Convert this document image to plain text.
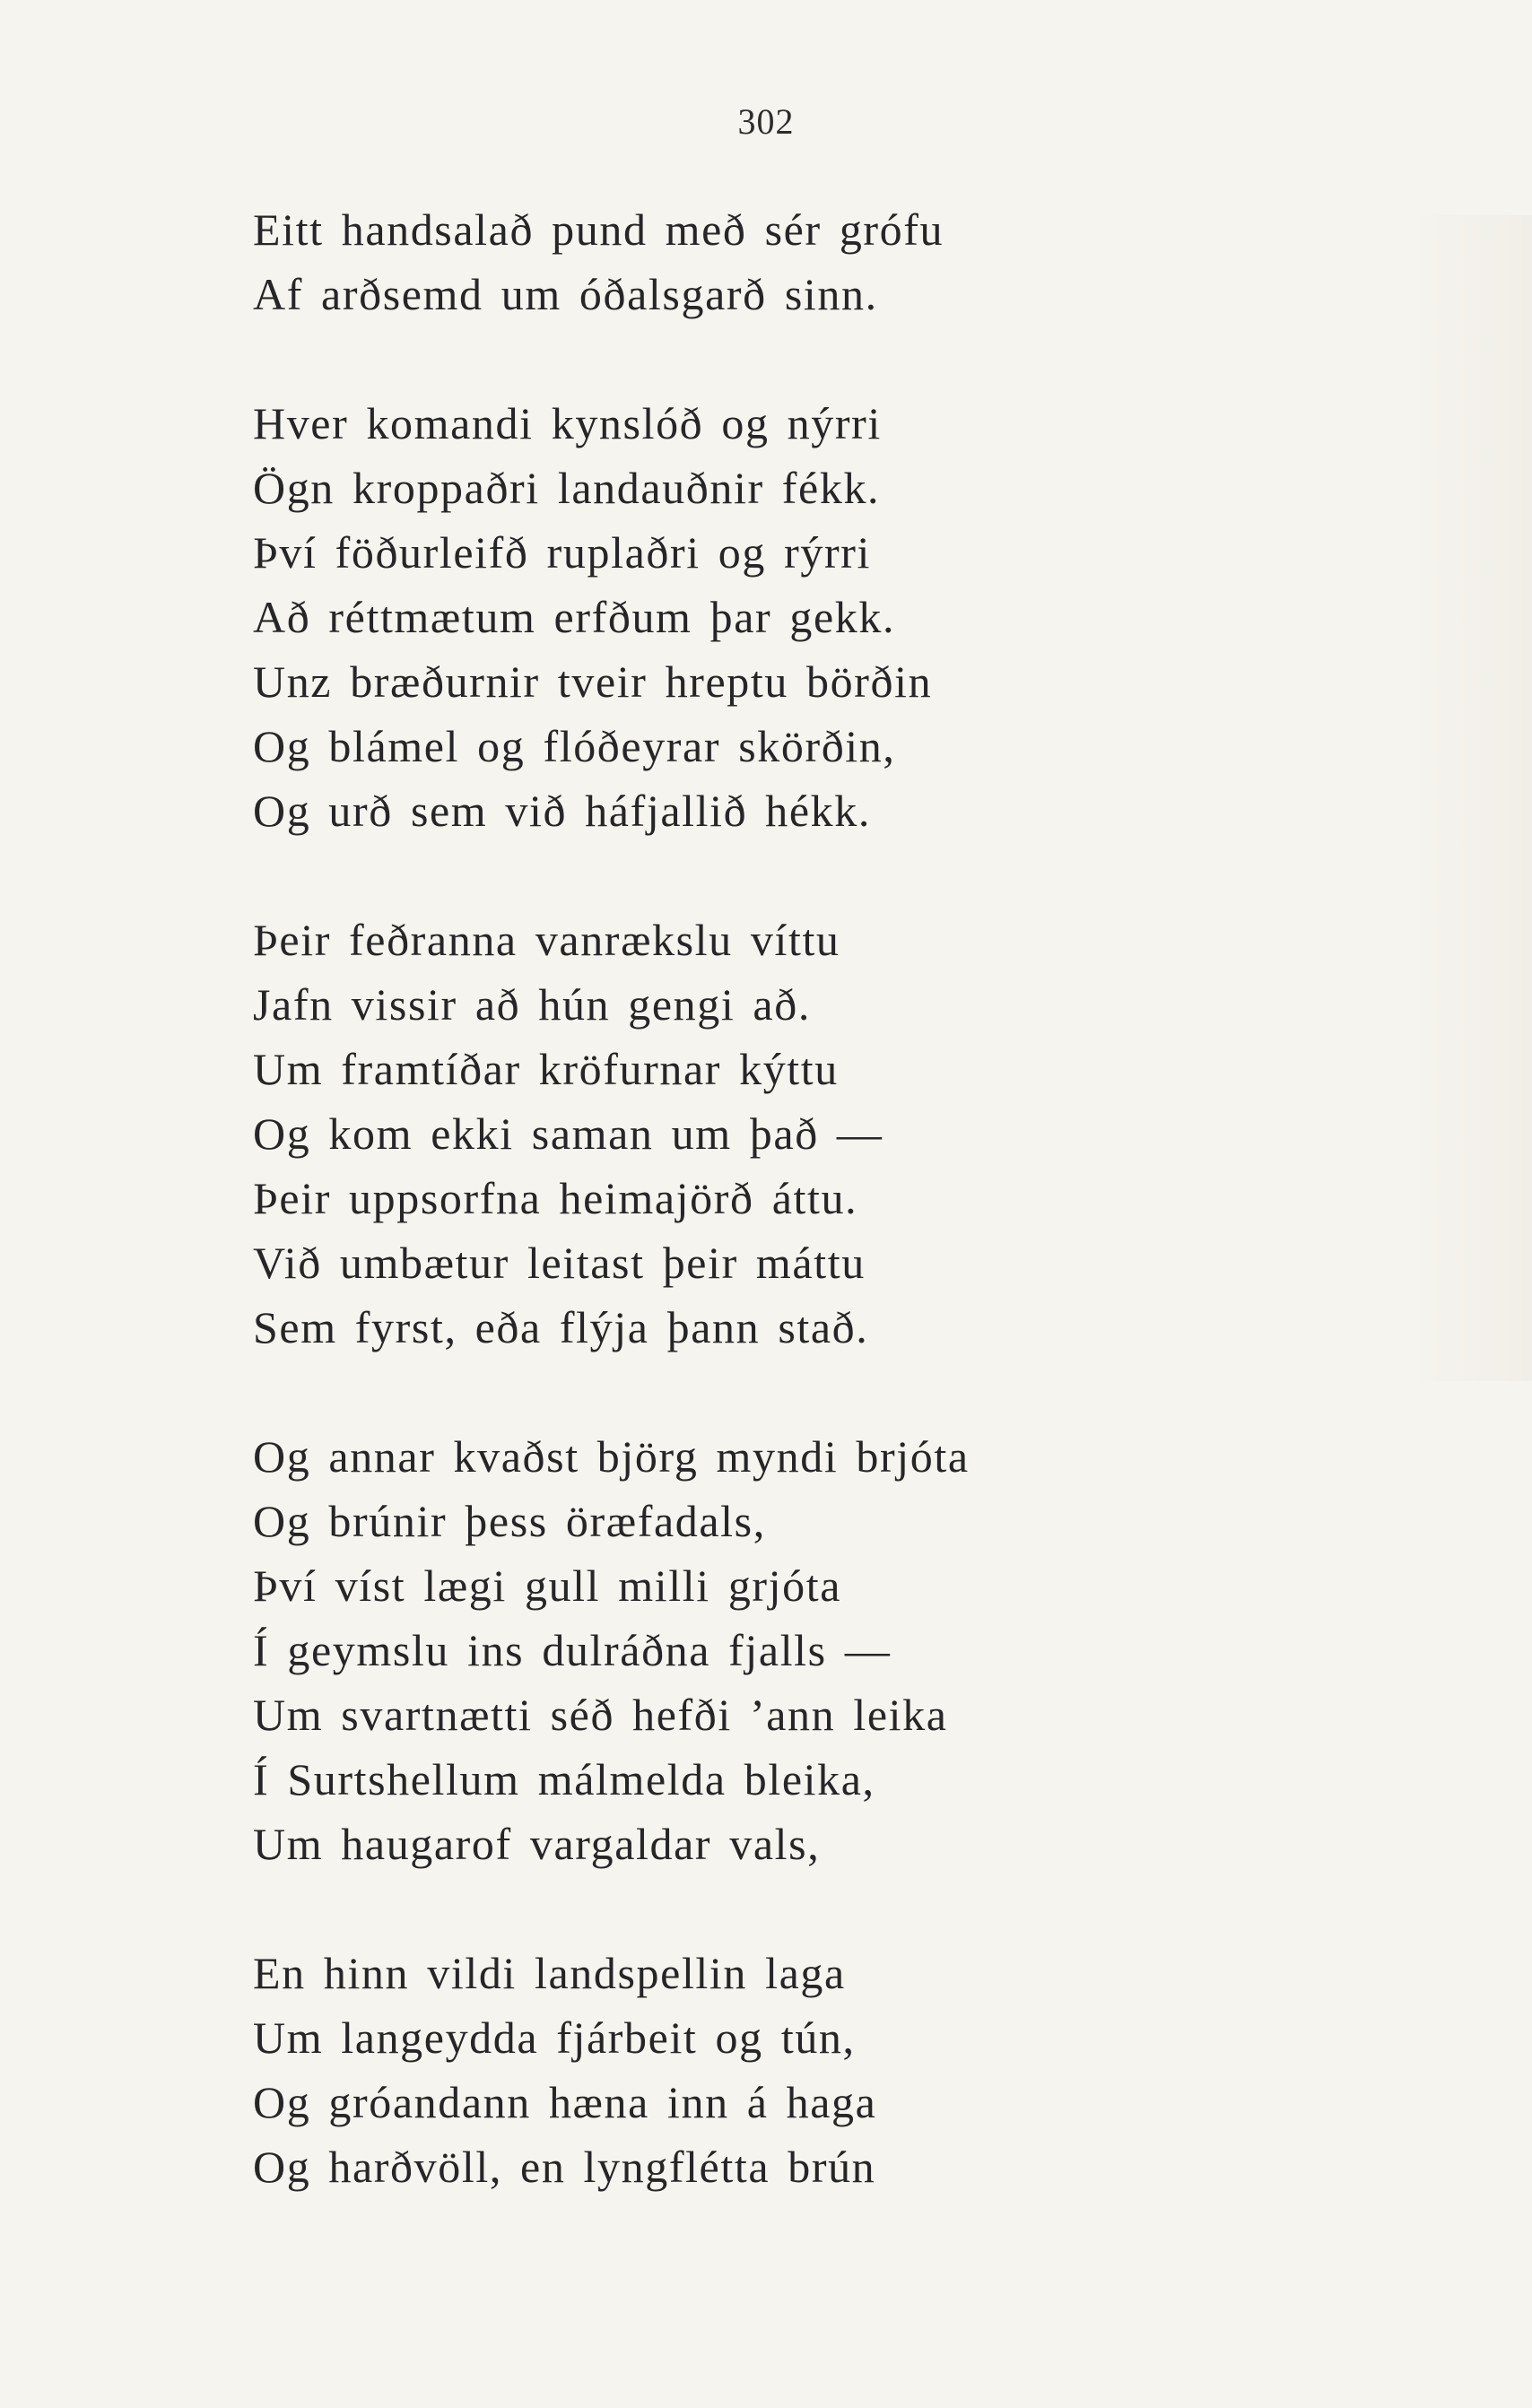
302
Eitt handsalað pund með sér grófu
Af arðsemd um óðalsgarð sinn.
Hver komandi kynslóð og nýrri
Ögn kroppaðri landauðnir fékk.
Því föðurleifð ruplaðri og rýrri
Að réttmætum erfðum þar gekk.
Unz bræðurnir tveir hreptu börðin
Og blámel og flóðeyrar skörðin,
Og urð sem við háfjallið hékk.
Þeir feðranna vanrækslu víttu
Jafn vissir að hún gengi að.
Um framtíðar kröfurnar kýttu
Og kom ekki saman um það —
Þeir uppsorfna heimajörð áttu.
Við umbætur leitast þeir máttu
Sem fyrst, eða flýja þann stað.
Og annar kvaðst björg myndi brjóta
Og brúnir þess öræfadals,
Því víst lægi gull milli grjóta
Í geymslu ins dulráðna fjalls —
Um svartnætti séð hefði ’ann leika
Í Surtshellum málmelda bleika,
Um haugarof vargaldar vals,
En hinn vildi landspellin laga
Um langeydda fjárbeit og tún,
Og gróandann hæna inn á haga
Og harðvöll, en lyngflétta brún
